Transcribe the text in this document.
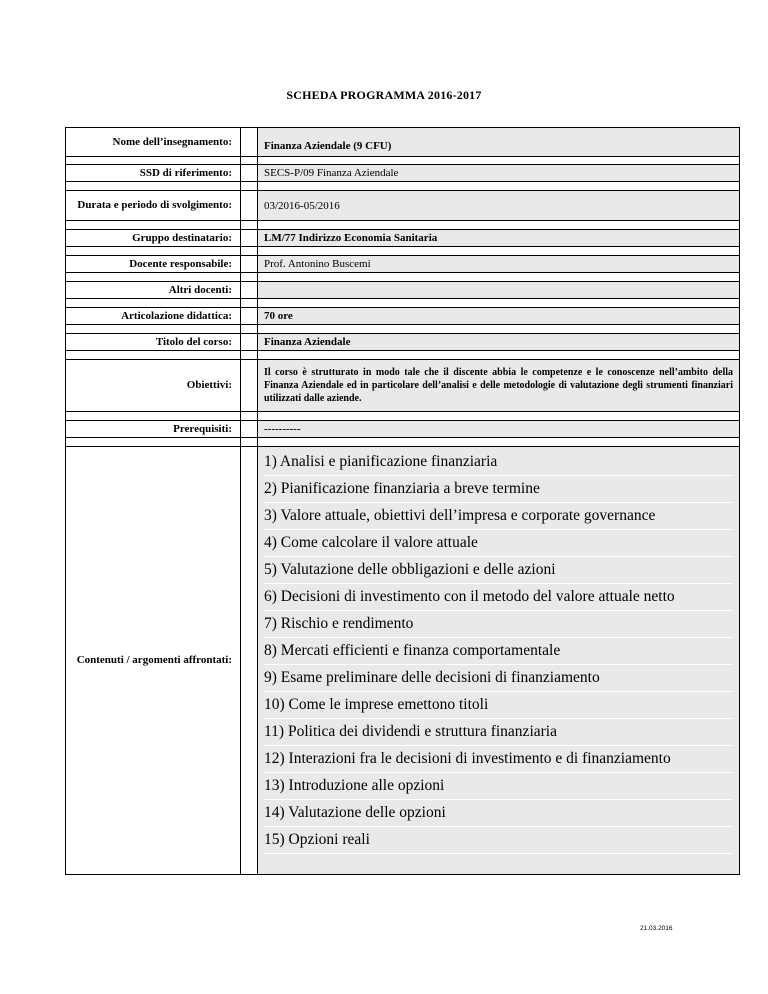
SCHEDA PROGRAMMA 2016-2017
Nome dell’insegnamento:	Finanza Aziendale (9 CFU)
SSD di riferimento:	SECS-P/09 Finanza Aziendale
Durata e periodo di svolgimento:	03/2016-05/2016
Gruppo destinatario:	LM/77 Indirizzo Economia Sanitaria
Docente responsabile:	Prof. Antonino Buscemi
Altri docenti:
Articolazione didattica:	70 ore
Titolo del corso:	Finanza Aziendale
Obiettivi:
Il corso è strutturato in modo tale che il discente abbia le competenze e le conoscenze nell’ambito della Finanza Aziendale ed in particolare dell’analisi e delle metodologie di valutazione degli strumenti finanziari utilizzati dalle aziende.
Prerequisiti:	----------
Contenuti / argomenti affrontati:
1) Analisi e pianificazione finanziaria
2) Pianificazione finanziaria a breve termine
3) Valore attuale, obiettivi dell’impresa e corporate governance
4) Come calcolare il valore attuale
5) Valutazione delle obbligazioni e delle azioni
6) Decisioni di investimento con il metodo del valore attuale netto
7) Rischio e rendimento
8) Mercati efficienti e finanza comportamentale
9) Esame preliminare delle decisioni di finanziamento
10) Come le imprese emettono titoli
11) Politica dei dividendi e struttura finanziaria
12) Interazioni fra le decisioni di investimento e di finanziamento
13) Introduzione alle opzioni
14) Valutazione delle opzioni
15) Opzioni reali
21.03.2016
